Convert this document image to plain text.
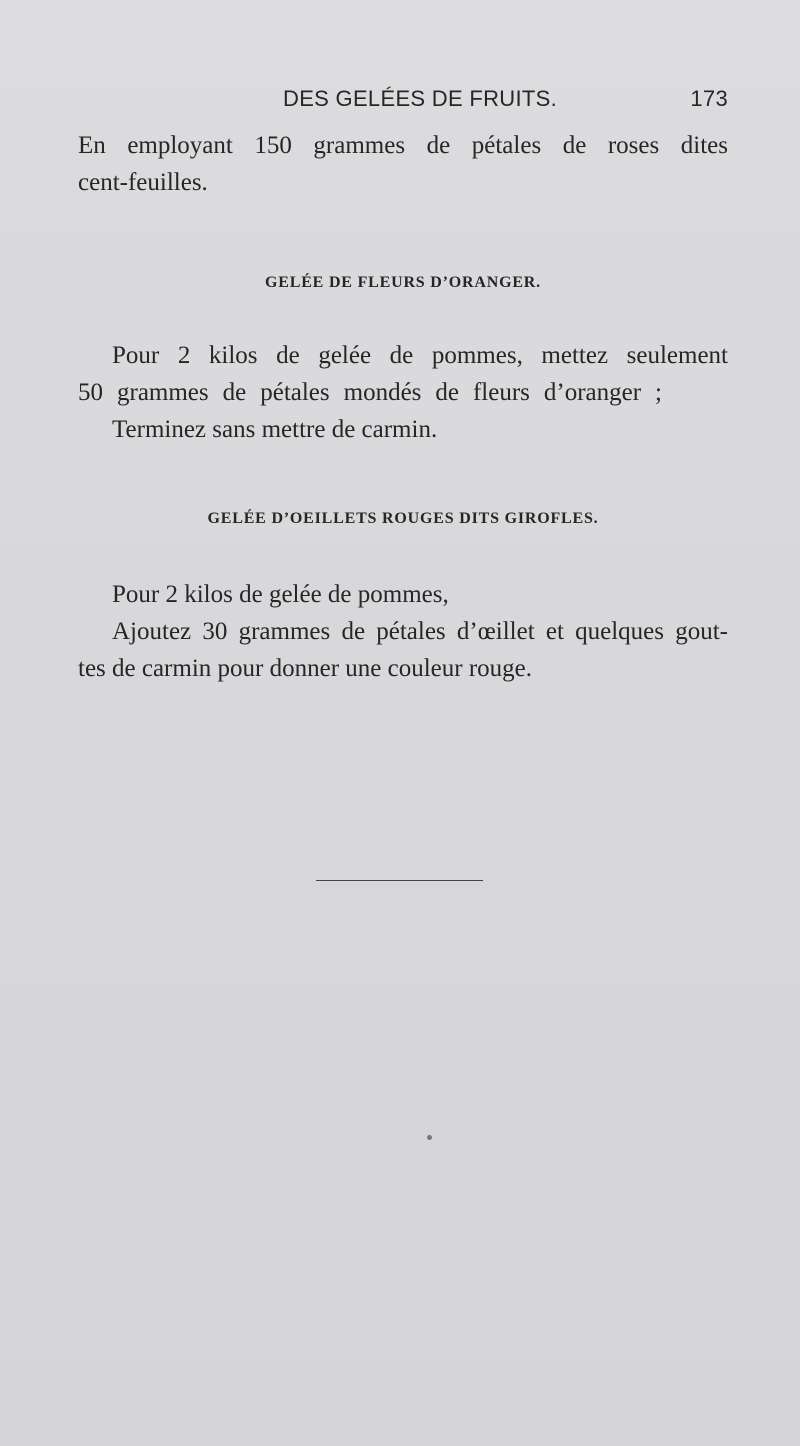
DES GELÉES DE FRUITS.	173
En employant 150 grammes de pétales de roses dites
cent-feuilles.
GELÉE DE FLEURS D’ORANGER.
Pour 2 kilos de gelée de pommes, mettez seulement
50 grammes de pétales mondés de fleurs d’oranger ;
Terminez sans mettre de carmin.
GELÉE D’OEILLETS ROUGES DITS GIROFLES.
Pour 2 kilos de gelée de pommes,
Ajoutez 30 grammes de pétales d’œillet et quelques gout-
tes de carmin pour donner une couleur rouge.
